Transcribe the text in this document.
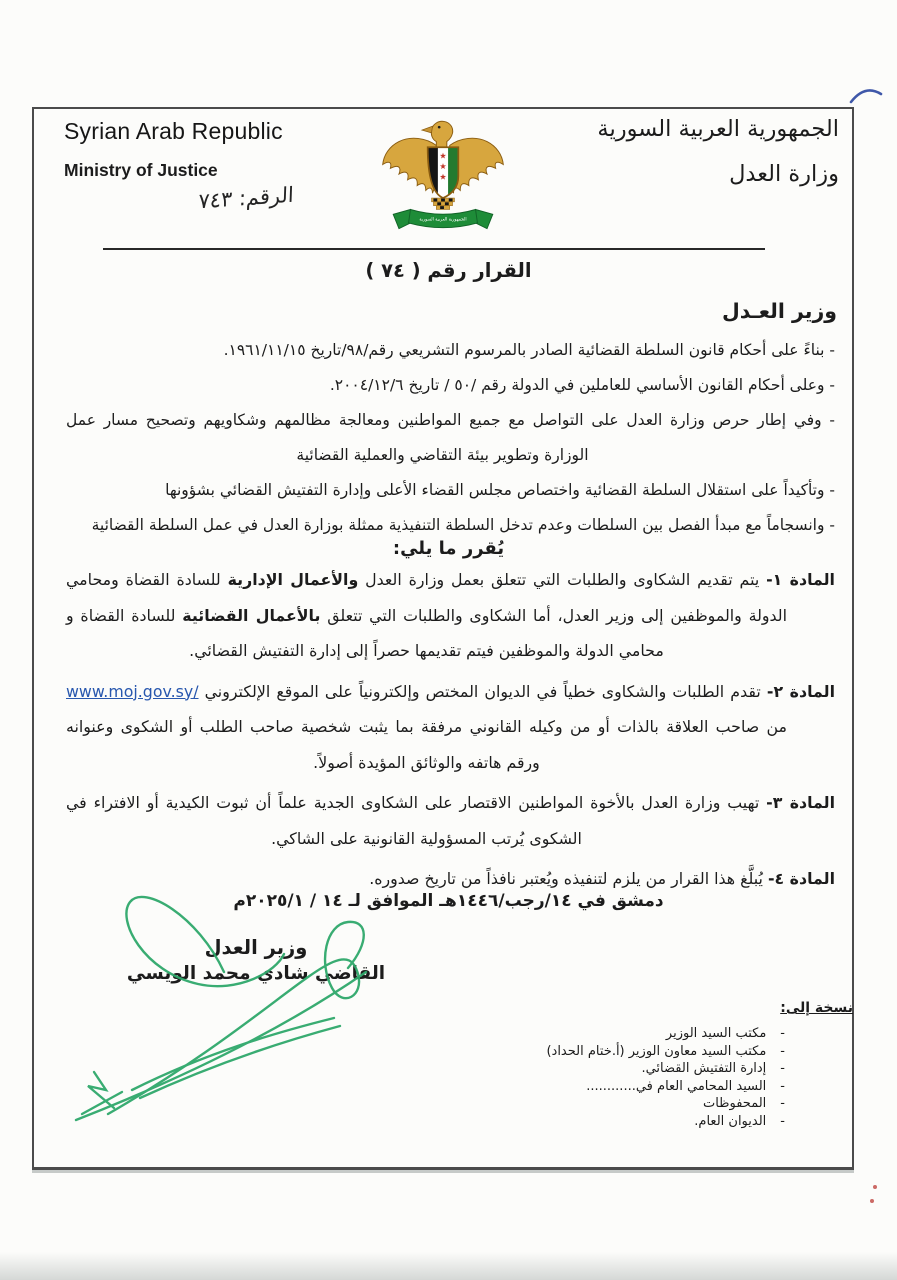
Syrian Arab Republic
Ministry of Justice
الرقم: ٧٤٣
الجمهورية العربية السورية
وزارة العدل
الجمهورية العربية السورية
القرار رقم ( ٧٤ )
وزير العـدل

- بناءً على أحكام قانون السلطة القضائية الصادر بالمرسوم التشريعي رقم/٩٨/تاريخ ١٩٦١/١١/١٥.

- وعلى أحكام القانون الأساسي للعاملين في الدولة رقم /٥٠ / تاريخ ٢٠٠٤/١٢/٦.

- وفي إطار حرص وزارة العدل على التواصل مع جميع المواطنين ومعالجة مظالمهم وشكاويهم وتصحيح مسار عمل الوزارة وتطوير بيئة التقاضي والعملية القضائية

- وتأكيداً على استقلال السلطة القضائية واختصاص مجلس القضاء الأعلى وإدارة التفتيش القضائي بشؤونها

- وانسجاماً مع مبدأ الفصل بين السلطات وعدم تدخل السلطة التنفيذية ممثلة بوزارة العدل في عمل السلطة القضائية

يُقرر ما يلي:

المادة ١- يتم تقديم الشكاوى والطلبات التي تتعلق بعمل وزارة العدل والأعمال الإدارية للسادة القضاة ومحامي الدولة والموظفين إلى وزير العدل، أما الشكاوى والطلبات التي تتعلق بالأعمال القضائية للسادة القضاة و محامي الدولة والموظفين فيتم تقديمها حصراً إلى إدارة التفتيش القضائي.

المادة ٢- تقدم الطلبات والشكاوى خطياً في الديوان المختص وإلكترونياً على الموقع الإلكتروني www.moj.gov.sy/ من صاحب العلاقة بالذات أو من وكيله القانوني مرفقة بما يثبت شخصية صاحب الطلب أو الشكوى وعنوانه ورقم هاتفه والوثائق المؤيدة أصولاً.

المادة ٣- تهيب وزارة العدل بالأخوة المواطنين الاقتصار على الشكاوى الجدية علماً أن ثبوت الكيدية أو الافتراء في الشكوى يُرتب المسؤولية القانونية على الشاكي.

المادة ٤- يُبلَّغ هذا القرار من يلزم لتنفيذه ويُعتبر نافذاً من تاريخ صدوره.

دمشق في ١٤/رجب/١٤٤٦هـ الموافق لـ ١٤ / ٢٠٢٥/١م
وزير العدل
القاضي شادي محمد الويسي
نسخة إلى:
-مكتب السيد الوزير
-مكتب السيد معاون الوزير (أ.ختام الحداد)
-إدارة التفتيش القضائي.
-السيد المحامي العام في............
-المحفوظات
-الديوان العام.
